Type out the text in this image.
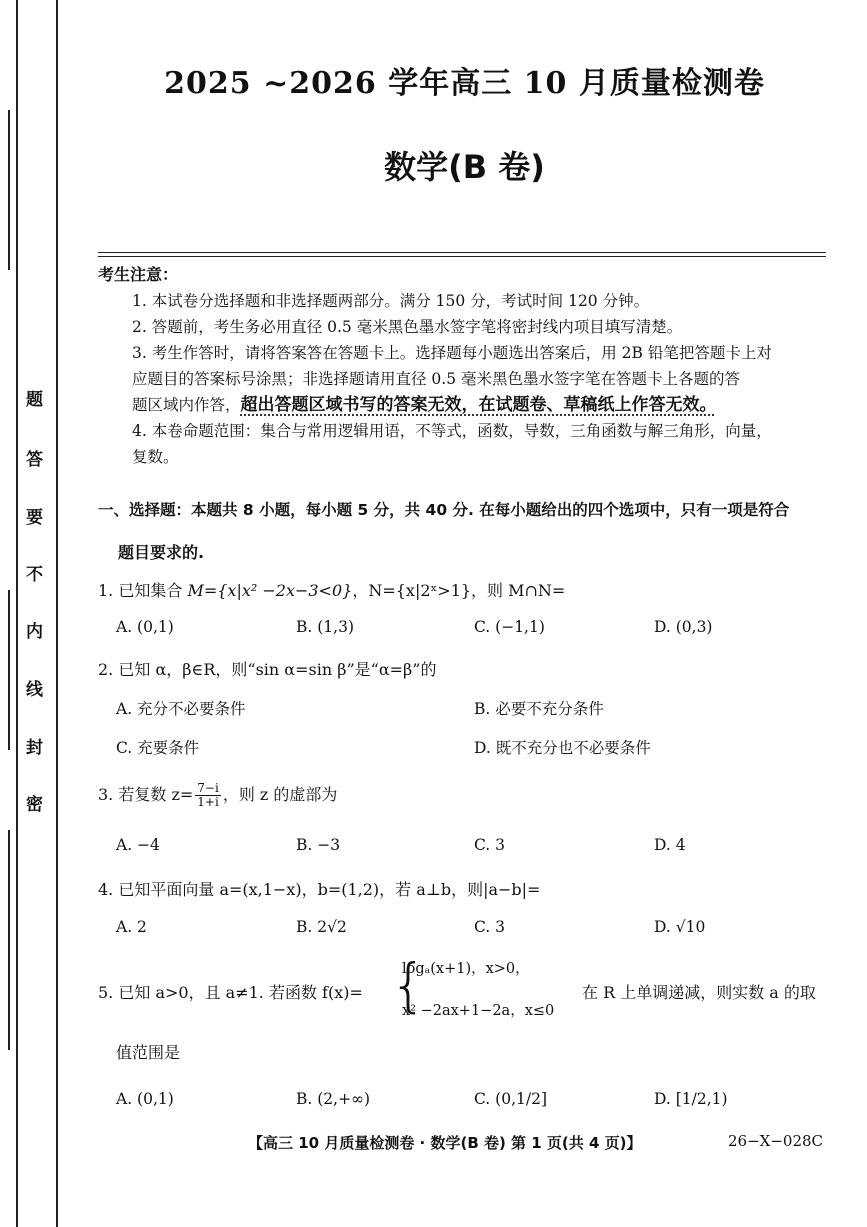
题
答
要
不
内
线
封
密
2025 ~2026 学年高三 10 月质量检测卷
数学(B 卷)
考生注意：
1. 本试卷分选择题和非选择题两部分。满分 150 分，考试时间 120 分钟。
2. 答题前，考生务必用直径 0.5 毫米黑色墨水签字笔将密封线内项目填写清楚。
3. 考生作答时，请将答案答在答题卡上。选择题每小题选出答案后，用 2B 铅笔把答题卡上对
应题目的答案标号涂黑；非选择题请用直径 0.5 毫米黑色墨水签字笔在答题卡上各题的答
题区域内作答，超出答题区域书写的答案无效，在试题卷、草稿纸上作答无效。
4. 本卷命题范围：集合与常用逻辑用语，不等式，函数，导数，三角函数与解三角形，向量，
复数。
一、选择题：本题共 8 小题，每小题 5 分，共 40 分. 在每小题给出的四个选项中，只有一项是符合
题目要求的.
1. 已知集合 M={x|x² −2x−3<0}，N={x|2ˣ>1}，则 M∩N=
A. (0,1)	B. (1,3)	C. (−1,1)	D. (0,3)
2. 已知 α，β∈R，则“sin α=sin β”是“α=β”的
A. 充分不必要条件	B. 必要不充分条件
C. 充要条件	D. 既不充分也不必要条件
3. 若复数 $z= \frac{7-i}{1+i}$ ，则 z 的虚部为
A. −4	B. −3	C. 3	D. 4
4. 已知平面向量 a=(x,1−x)，b=(1,2)，若 a⊥b，则|a−b|=
A. 2	B. 2√2	C. 3	D. √10
5. 已知 a>0，且 a≠1. 若函数 f(x)= {
logₐ(x+1)，x>0，
x² −2ax+1−2a，x≤0
在 R 上单调递减，则实数 a 的取
值范围是
A. (0,1)	B. (2,+∞)	C. (0,1/2]	D. [1/2,1)
【高三 10 月质量检测卷 · 数学(B 卷) 第 1 页(共 4 页)】	26−X−028C
